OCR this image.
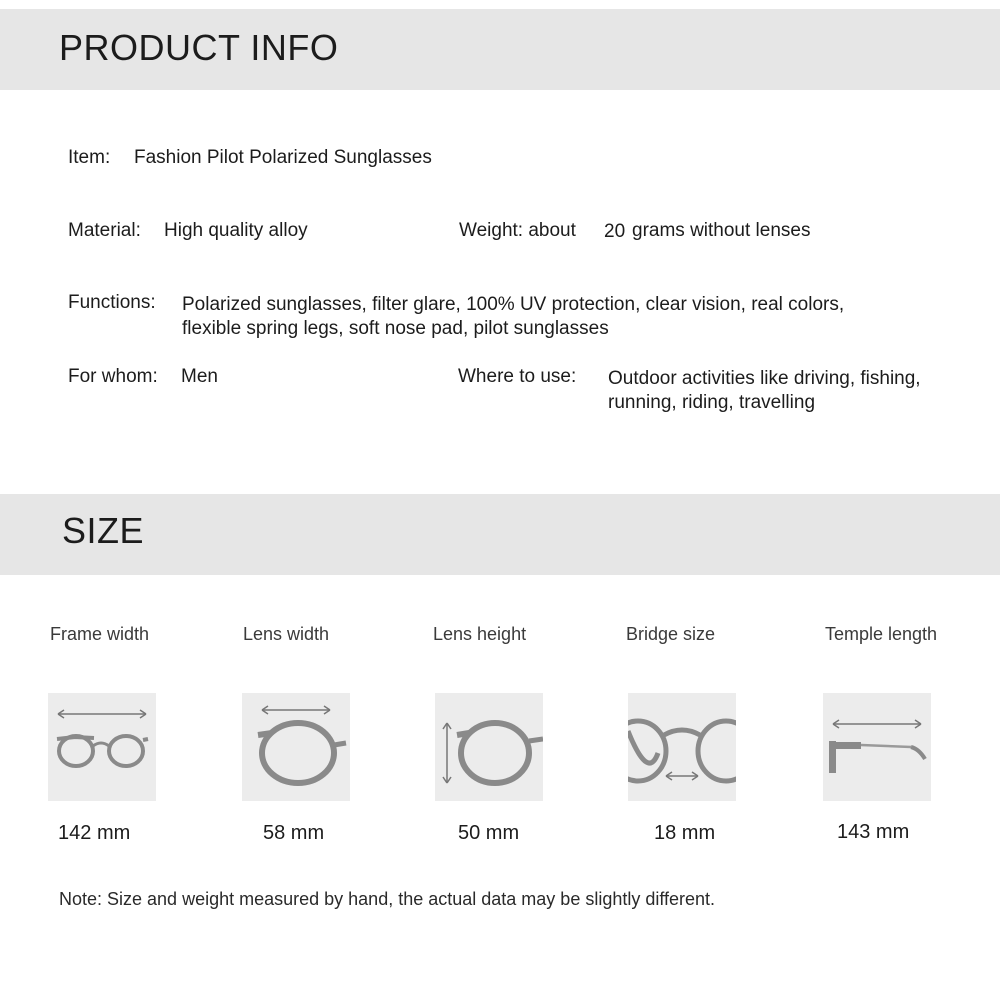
PRODUCT INFO
Item: Fashion Pilot Polarized Sunglasses
Material: High quality alloy	Weight: about 20 grams without lenses
Functions: Polarized sunglasses, filter glare, 100% UV protection, clear vision, real colors,
flexible spring legs, soft nose pad, pilot sunglasses
For whom: Men	Where to use: Outdoor activities like driving, fishing,
running, riding, travelling
SIZE
Frame width	Lens width	Lens height	Bridge size	Temple length
142 mm	58 mm	50 mm	18 mm	143 mm
Note: Size and weight measured by hand, the actual data may be slightly different.
